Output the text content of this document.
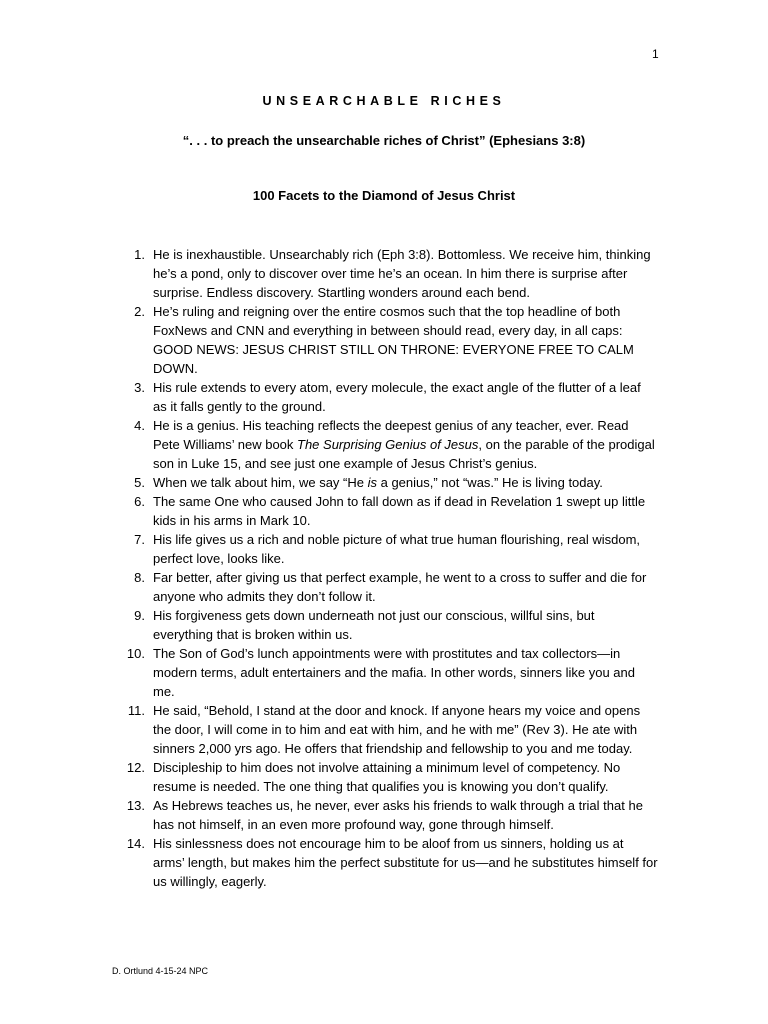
1
UNSEARCHABLE RICHES
“. . . to preach the unsearchable riches of Christ” (Ephesians 3:8)
100 Facets to the Diamond of Jesus Christ
1. He is inexhaustible. Unsearchably rich (Eph 3:8). Bottomless. We receive him, thinking he’s a pond, only to discover over time he’s an ocean. In him there is surprise after surprise. Endless discovery. Startling wonders around each bend.
2. He’s ruling and reigning over the entire cosmos such that the top headline of both FoxNews and CNN and everything in between should read, every day, in all caps: GOOD NEWS: JESUS CHRIST STILL ON THRONE: EVERYONE FREE TO CALM DOWN.
3. His rule extends to every atom, every molecule, the exact angle of the flutter of a leaf as it falls gently to the ground.
4. He is a genius. His teaching reflects the deepest genius of any teacher, ever. Read Pete Williams’ new book The Surprising Genius of Jesus, on the parable of the prodigal son in Luke 15, and see just one example of Jesus Christ’s genius.
5. When we talk about him, we say “He is a genius,” not “was.” He is living today.
6. The same One who caused John to fall down as if dead in Revelation 1 swept up little kids in his arms in Mark 10.
7. His life gives us a rich and noble picture of what true human flourishing, real wisdom, perfect love, looks like.
8. Far better, after giving us that perfect example, he went to a cross to suffer and die for anyone who admits they don’t follow it.
9. His forgiveness gets down underneath not just our conscious, willful sins, but everything that is broken within us.
10. The Son of God’s lunch appointments were with prostitutes and tax collectors—in modern terms, adult entertainers and the mafia. In other words, sinners like you and me.
11. He said, “Behold, I stand at the door and knock. If anyone hears my voice and opens the door, I will come in to him and eat with him, and he with me” (Rev 3). He ate with sinners 2,000 yrs ago. He offers that friendship and fellowship to you and me today.
12. Discipleship to him does not involve attaining a minimum level of competency. No resume is needed. The one thing that qualifies you is knowing you don’t qualify.
13. As Hebrews teaches us, he never, ever asks his friends to walk through a trial that he has not himself, in an even more profound way, gone through himself.
14. His sinlessness does not encourage him to be aloof from us sinners, holding us at arms’ length, but makes him the perfect substitute for us—and he substitutes himself for us willingly, eagerly.
D. Ortlund 4-15-24 NPC
